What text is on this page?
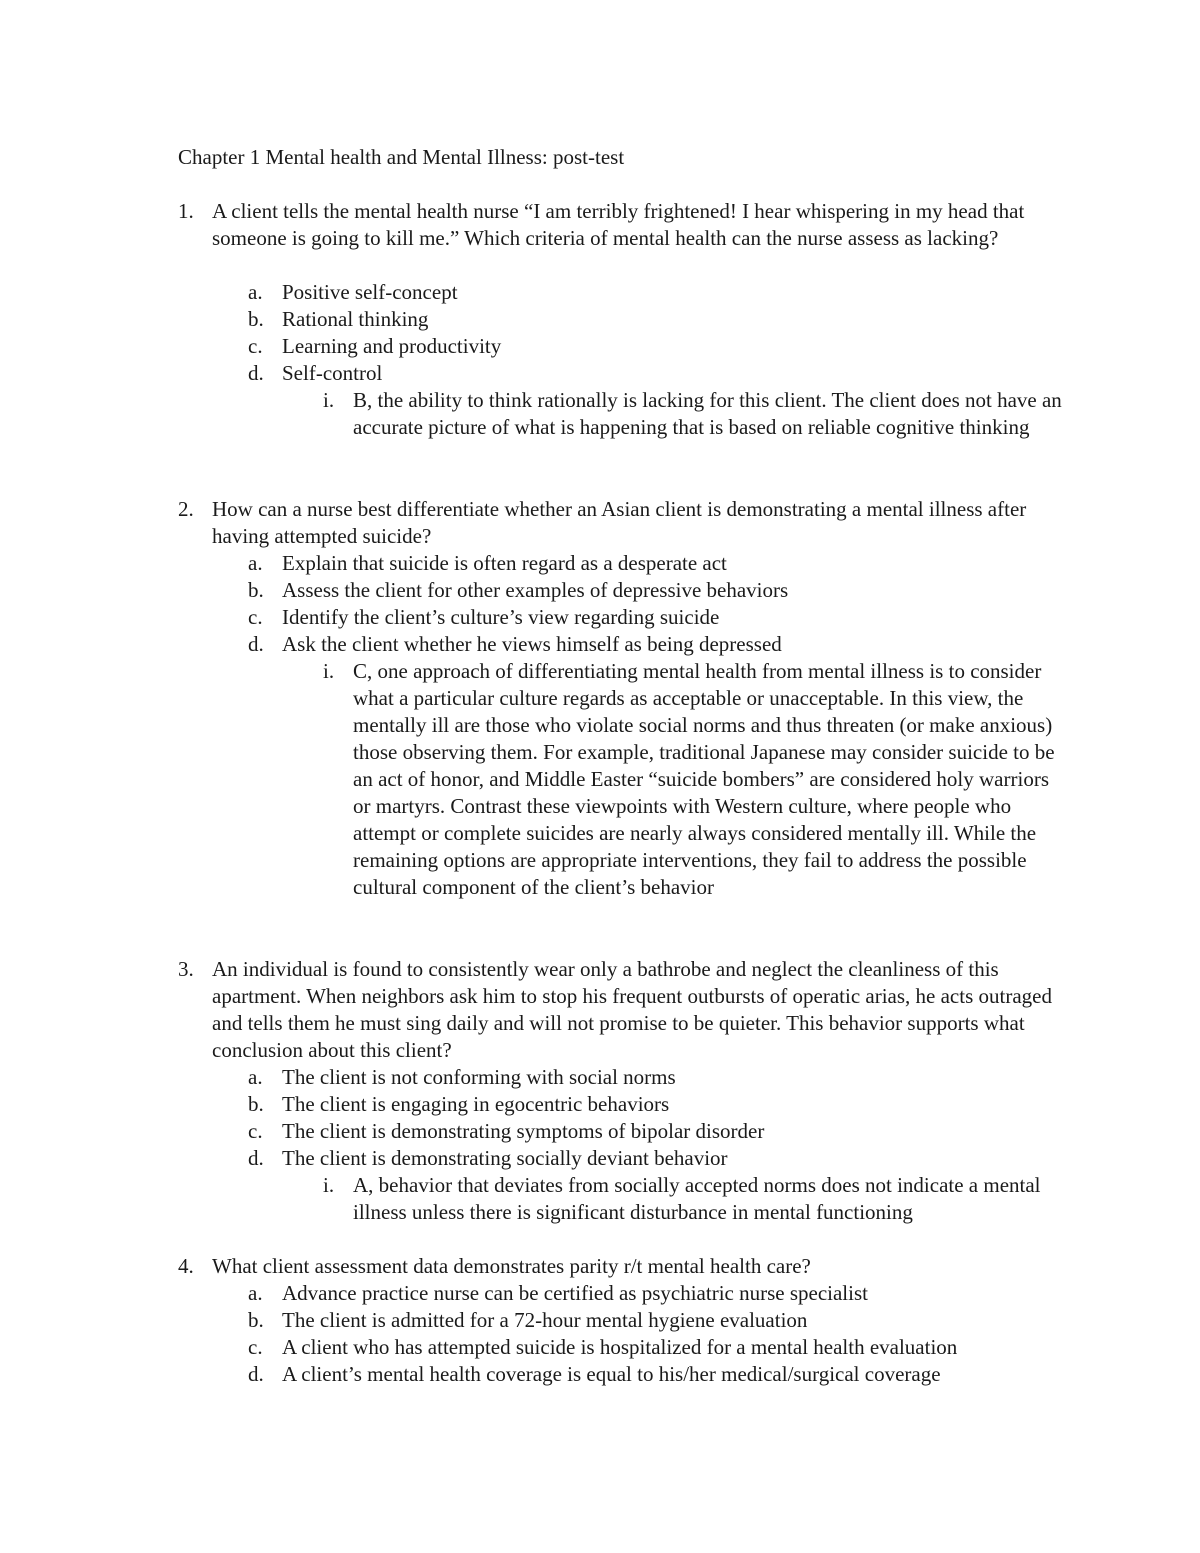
Chapter 1 Mental health and Mental Illness: post-test
1. A client tells the mental health nurse “I am terribly frightened! I hear whispering in my head that someone is going to kill me.” Which criteria of mental health can the nurse assess as lacking?
a. Positive self-concept
b. Rational thinking
c. Learning and productivity
d. Self-control
i. B, the ability to think rationally is lacking for this client. The client does not have an accurate picture of what is happening that is based on reliable cognitive thinking
2. How can a nurse best differentiate whether an Asian client is demonstrating a mental illness after having attempted suicide?
a. Explain that suicide is often regard as a desperate act
b. Assess the client for other examples of depressive behaviors
c. Identify the client’s culture’s view regarding suicide
d. Ask the client whether he views himself as being depressed
i. C, one approach of differentiating mental health from mental illness is to consider what a particular culture regards as acceptable or unacceptable. In this view, the mentally ill are those who violate social norms and thus threaten (or make anxious) those observing them. For example, traditional Japanese may consider suicide to be an act of honor, and Middle Easter “suicide bombers” are considered holy warriors or martyrs. Contrast these viewpoints with Western culture, where people who attempt or complete suicides are nearly always considered mentally ill. While the remaining options are appropriate interventions, they fail to address the possible cultural component of the client’s behavior
3. An individual is found to consistently wear only a bathrobe and neglect the cleanliness of this apartment. When neighbors ask him to stop his frequent outbursts of operatic arias, he acts outraged and tells them he must sing daily and will not promise to be quieter. This behavior supports what conclusion about this client?
a. The client is not conforming with social norms
b. The client is engaging in egocentric behaviors
c. The client is demonstrating symptoms of bipolar disorder
d. The client is demonstrating socially deviant behavior
i. A, behavior that deviates from socially accepted norms does not indicate a mental illness unless there is significant disturbance in mental functioning
4. What client assessment data demonstrates parity r/t mental health care?
a. Advance practice nurse can be certified as psychiatric nurse specialist
b. The client is admitted for a 72-hour mental hygiene evaluation
c. A client who has attempted suicide is hospitalized for a mental health evaluation
d. A client’s mental health coverage is equal to his/her medical/surgical coverage
